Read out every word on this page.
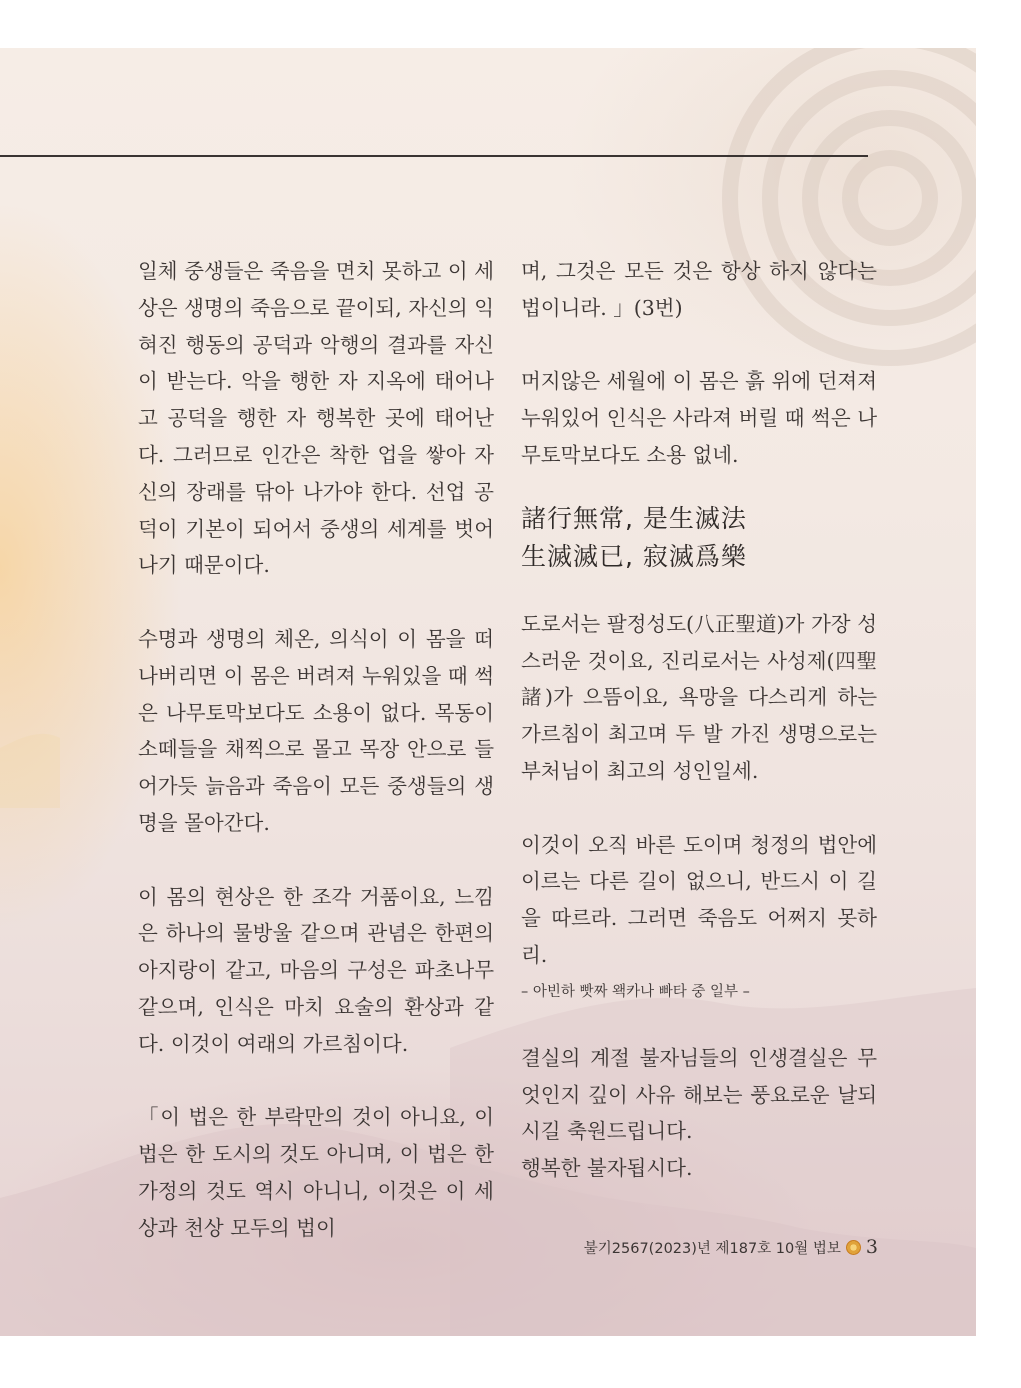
일체 중생들은 죽음을 면치 못하고 이 세상은 생명의 죽음으로 끝이되, 자신의 익혀진 행동의 공덕과 악행의 결과를 자신이 받는다. 악을 행한 자 지옥에 태어나고 공덕을 행한 자 행복한 곳에 태어난다. 그러므로 인간은 착한 업을 쌓아 자신의 장래를 닦아 나가야 한다. 선업 공덕이 기본이 되어서 중생의 세계를 벗어나기 때문이다.

수명과 생명의 체온, 의식이 이 몸을 떠나버리면 이 몸은 버려져 누워있을 때 썩은 나무토막보다도 소용이 없다. 목동이 소떼들을 채찍으로 몰고 목장 안으로 들어가듯 늙음과 죽음이 모든 중생들의 생명을 몰아간다.

이 몸의 현상은 한 조각 거품이요, 느낌은 하나의 물방울 같으며 관념은 한편의 아지랑이 같고, 마음의 구성은 파초나무 같으며, 인식은 마치 요술의 환상과 같다. 이것이 여래의 가르침이다.

「이 법은 한 부락만의 것이 아니요, 이 법은 한 도시의 것도 아니며, 이 법은 한 가정의 것도 역시 아니니, 이것은 이 세상과 천상 모두의 법이

며, 그것은 모든 것은 항상 하지 않다는 법이니라. 」(3번)

머지않은 세월에 이 몸은 흙 위에 던져져 누워있어 인식은 사라져 버릴 때 썩은 나무토막보다도 소용 없네.

諸行無常, 是生滅法
生滅滅已, 寂滅爲樂

도로서는 팔정성도(八正聖道)가 가장 성스러운 것이요, 진리로서는 사성제(四聖諸)가 으뜸이요, 욕망을 다스리게 하는 가르침이 최고며 두 발 가진 생명으로는 부처님이 최고의 성인일세.

이것이 오직 바른 도이며 청정의 법안에 이르는 다른 길이 없으니, 반드시 이 길을 따르라. 그러면 죽음도 어쩌지 못하리.

– 아빈하 빳짜 왝카나 빠타 중 일부 –

결실의 계절 불자님들의 인생결실은 무엇인지 깊이 사유 해보는 풍요로운 날되시길 축원드립니다.

행복한 불자됩시다.

불기2567(2023)년 제187호 10월 법보 3
